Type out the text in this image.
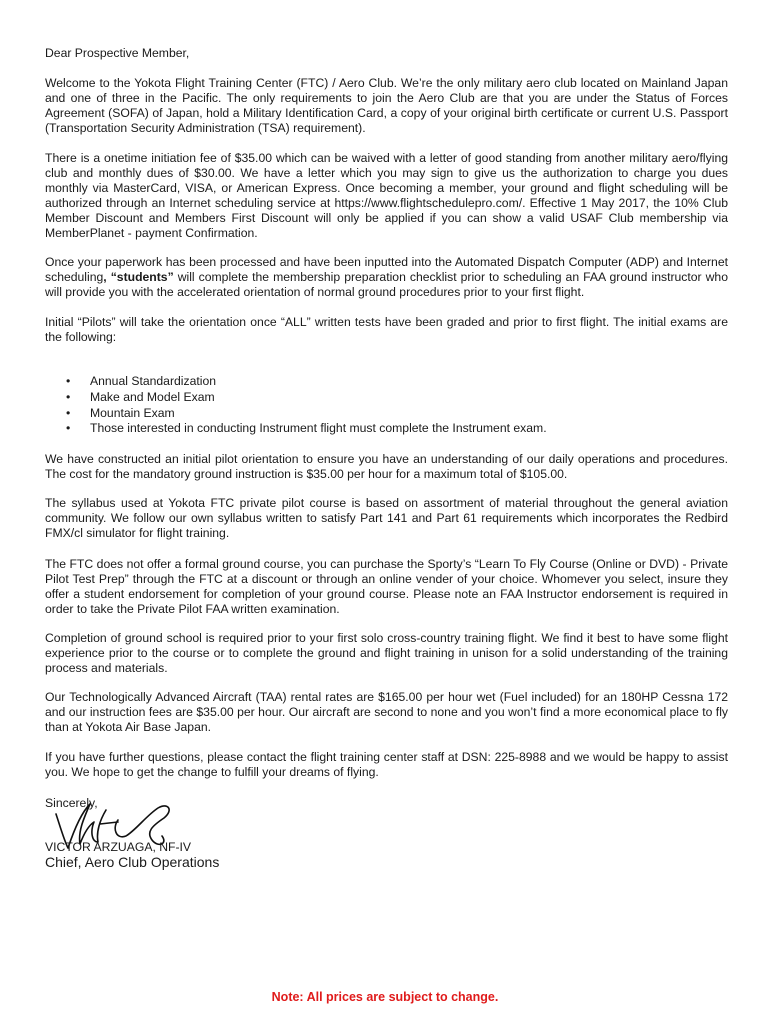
Dear Prospective Member,

Welcome to the Yokota Flight Training Center (FTC) / Aero Club. We’re the only military aero club located on Mainland Japan and one of three in the Pacific. The only requirements to join the Aero Club are that you are under the Status of Forces Agreement (SOFA) of Japan, hold a Military Identification Card, a copy of your original birth certificate or current U.S. Passport (Transportation Security Administration (TSA) requirement).

There is a onetime initiation fee of $35.00 which can be waived with a letter of good standing from another military aero/flying club and monthly dues of $30.00. We have a letter which you may sign to give us the authorization to charge you dues monthly via MasterCard, VISA, or American Express. Once becoming a member, your ground and flight scheduling will be authorized through an Internet scheduling service at https://www.flightschedulepro.com/. Effective 1 May 2017, the 10% Club Member Discount and Members First Discount will only be applied if you can show a valid USAF Club membership via MemberPlanet - payment Confirmation.

Once your paperwork has been processed and have been inputted into the Automated Dispatch Computer (ADP) and Internet scheduling, “students” will complete the membership preparation checklist prior to scheduling an FAA ground instructor who will provide you with the accelerated orientation of normal ground procedures prior to your first flight.

Initial “Pilots” will take the orientation once “ALL” written tests have been graded and prior to first flight. The initial exams are the following:

• Annual Standardization
• Make and Model Exam
• Mountain Exam
• Those interested in conducting Instrument flight must complete the Instrument exam.

We have constructed an initial pilot orientation to ensure you have an understanding of our daily operations and procedures. The cost for the mandatory ground instruction is $35.00 per hour for a maximum total of $105.00.

The syllabus used at Yokota FTC private pilot course is based on assortment of material throughout the general aviation community. We follow our own syllabus written to satisfy Part 141 and Part 61 requirements which incorporates the Redbird FMX/cl simulator for flight training.

The FTC does not offer a formal ground course, you can purchase the Sporty’s “Learn To Fly Course (Online or DVD) - Private Pilot Test Prep” through the FTC at a discount or through an online vender of your choice. Whomever you select, insure they offer a student endorsement for completion of your ground course. Please note an FAA Instructor endorsement is required in order to take the Private Pilot FAA written examination.

Completion of ground school is required prior to your first solo cross-country training flight. We find it best to have some flight experience prior to the course or to complete the ground and flight training in unison for a solid understanding of the training process and materials.

Our Technologically Advanced Aircraft (TAA) rental rates are $165.00 per hour wet (Fuel included) for an 180HP Cessna 172 and our instruction fees are $35.00 per hour. Our aircraft are second to none and you won’t find a more economical place to fly than at Yokota Air Base Japan.

If you have further questions, please contact the flight training center staff at DSN: 225-8988 and we would be happy to assist you. We hope to get the change to fulfill your dreams of flying.

Sincerely,
VICTOR ARZUAGA, NF-IV
Chief, Aero Club Operations
Note: All prices are subject to change.
